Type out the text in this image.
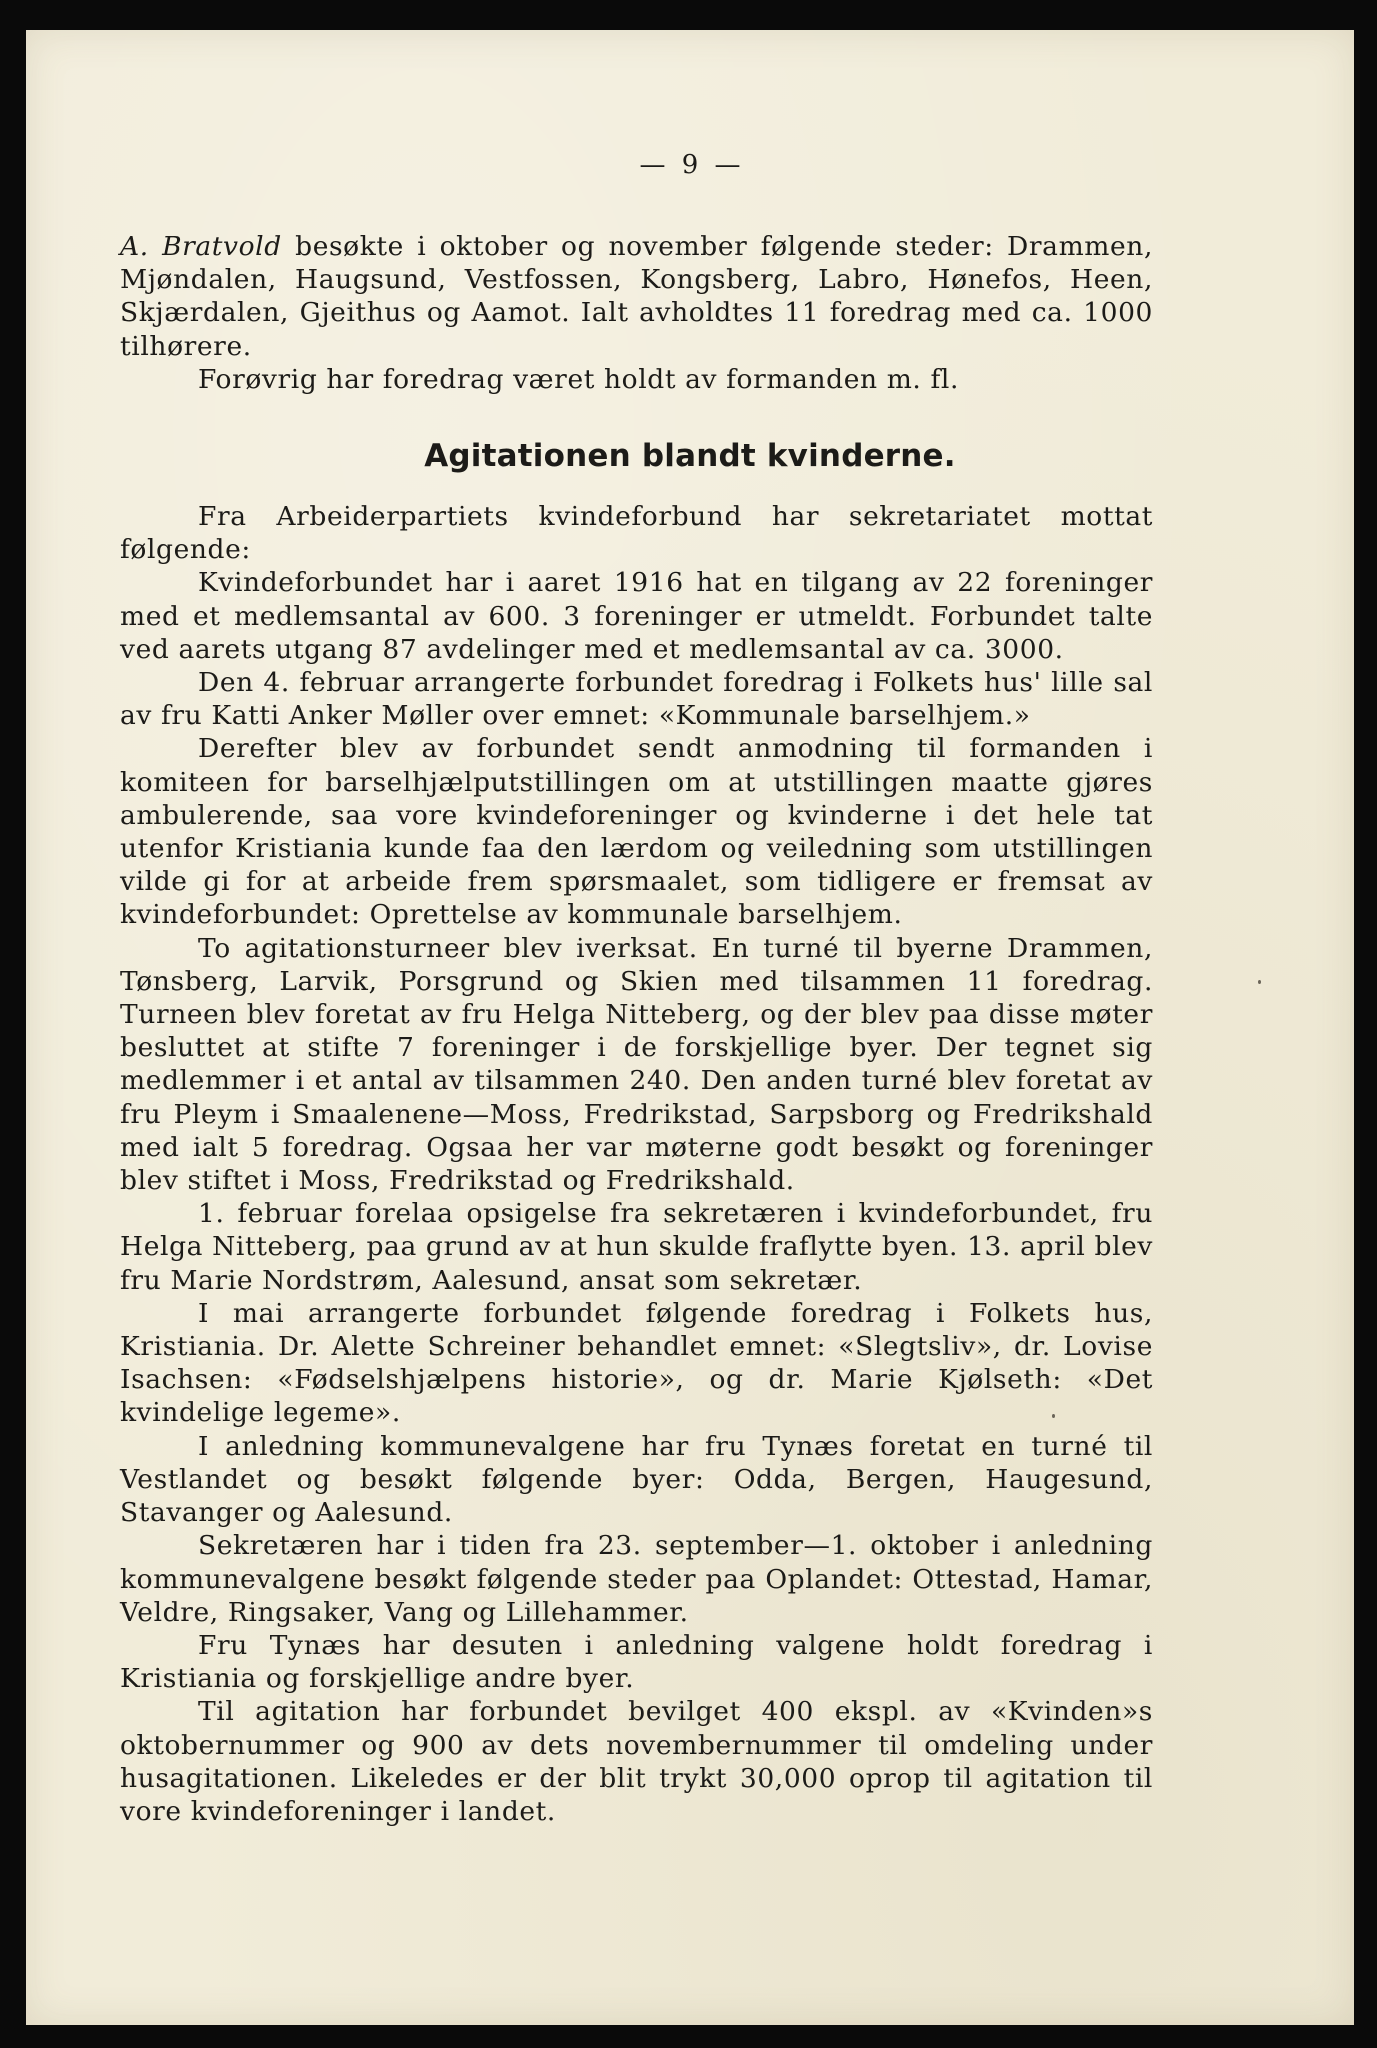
— 9 —

A. Bratvold besøkte i oktober og november følgende steder: Drammen, Mjøndalen, Haugsund, Vestfossen, Kongsberg, Labro, Hønefos, Heen, Skjærdalen, Gjeithus og Aamot. Ialt avholdtes 11 foredrag med ca. 1000 tilhørere.

Forøvrig har foredrag været holdt av formanden m. fl.

Agitationen blandt kvinderne.

Fra Arbeiderpartiets kvindeforbund har sekretariatet mottat følgende:

Kvindeforbundet har i aaret 1916 hat en tilgang av 22 foreninger med et medlemsantal av 600. 3 foreninger er utmeldt. Forbundet talte ved aarets utgang 87 avdelinger med et medlemsantal av ca. 3000.

Den 4. februar arrangerte forbundet foredrag i Folkets hus' lille sal av fru Katti Anker Møller over emnet: «Kommunale barselhjem.»

Derefter blev av forbundet sendt anmodning til formanden i komiteen for barselhjælputstillingen om at utstillingen maatte gjøres ambulerende, saa vore kvindeforeninger og kvinderne i det hele tat utenfor Kristiania kunde faa den lærdom og veiledning som utstillingen vilde gi for at arbeide frem spørsmaalet, som tidligere er fremsat av kvindeforbundet: Oprettelse av kommunale barselhjem.

To agitationsturneer blev iverksat. En turné til byerne Drammen, Tønsberg, Larvik, Porsgrund og Skien med tilsammen 11 foredrag. Turneen blev foretat av fru Helga Nitteberg, og der blev paa disse møter besluttet at stifte 7 foreninger i de forskjellige byer. Der tegnet sig medlemmer i et antal av tilsammen 240. Den anden turné blev foretat av fru Pleym i Smaalenene—Moss, Fredrikstad, Sarpsborg og Fredrikshald med ialt 5 foredrag. Ogsaa her var møterne godt besøkt og foreninger blev stiftet i Moss, Fredrikstad og Fredrikshald.

1. februar forelaa opsigelse fra sekretæren i kvindeforbundet, fru Helga Nitteberg, paa grund av at hun skulde fraflytte byen. 13. april blev fru Marie Nordstrøm, Aalesund, ansat som sekretær.

I mai arrangerte forbundet følgende foredrag i Folkets hus, Kristiania. Dr. Alette Schreiner behandlet emnet: «Slegtsliv», dr. Lovise Isachsen: «Fødselshjælpens historie», og dr. Marie Kjølseth: «Det kvindelige legeme».

I anledning kommunevalgene har fru Tynæs foretat en turné til Vestlandet og besøkt følgende byer: Odda, Bergen, Haugesund, Stavanger og Aalesund.

Sekretæren har i tiden fra 23. september—1. oktober i anledning kommunevalgene besøkt følgende steder paa Oplandet: Ottestad, Hamar, Veldre, Ringsaker, Vang og Lillehammer.

Fru Tynæs har desuten i anledning valgene holdt foredrag i Kristiania og forskjellige andre byer.

Til agitation har forbundet bevilget 400 ekspl. av «Kvinden»s oktobernummer og 900 av dets novembernummer til omdeling under husagitationen. Likeledes er der blit trykt 30,000 oprop til agitation til vore kvindeforeninger i landet.
